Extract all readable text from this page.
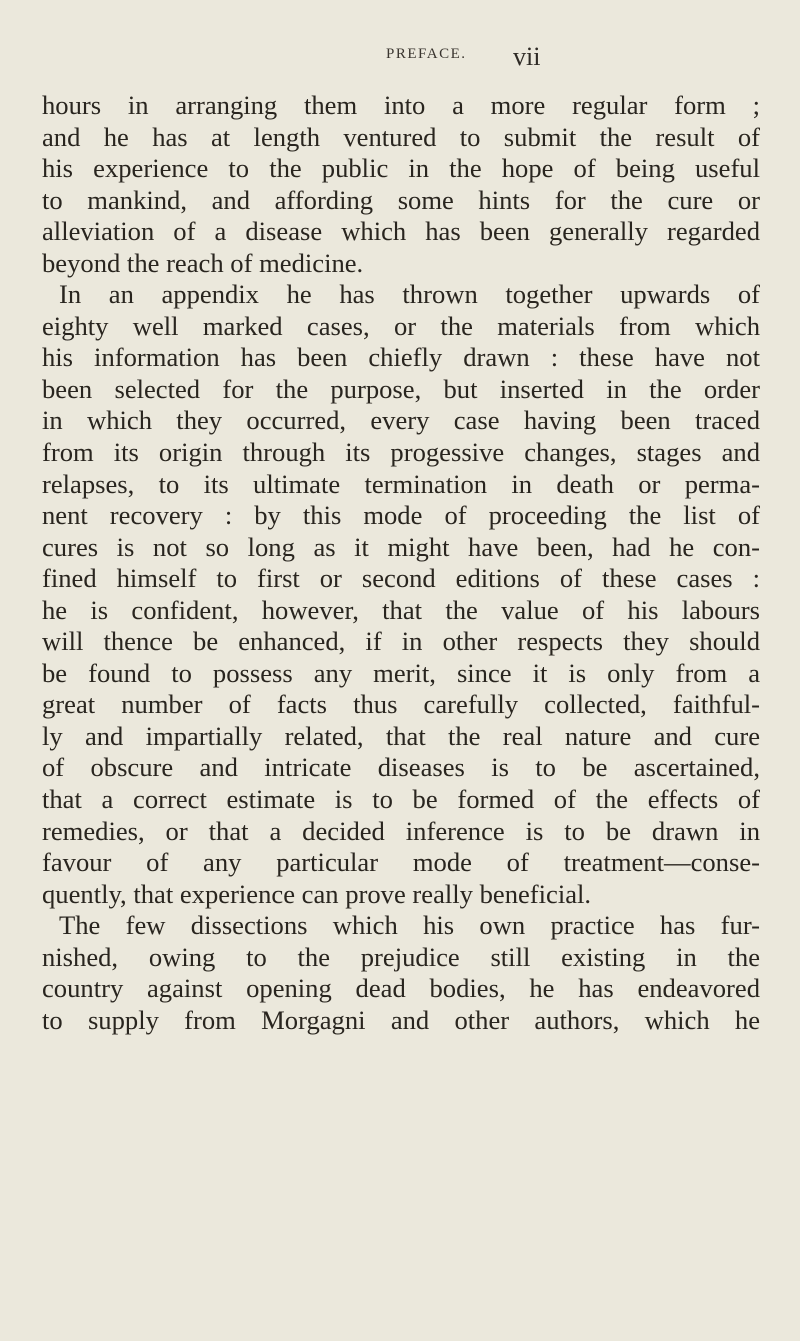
PREFACE. vii
hours in arranging them into a more regular form ;
and he has at length ventured to submit the result of
his experience to the public in the hope of being useful
to mankind, and affording some hints for the cure or
alleviation of a disease which has been generally regarded
beyond the reach of medicine.
In an appendix he has thrown together upwards of
eighty well marked cases, or the materials from which
his information has been chiefly drawn : these have not
been selected for the purpose, but inserted in the order
in which they occurred, every case having been traced
from its origin through its progessive changes, stages and
relapses, to its ultimate termination in death or perma-
nent recovery : by this mode of proceeding the list of
cures is not so long as it might have been, had he con-
fined himself to first or second editions of these cases :
he is confident, however, that the value of his labours
will thence be enhanced, if in other respects they should
be found to possess any merit, since it is only from a
great number of facts thus carefully collected, faithful-
ly and impartially related, that the real nature and cure
of obscure and intricate diseases is to be ascertained,
that a correct estimate is to be formed of the effects of
remedies, or that a decided inference is to be drawn in
favour of any particular mode of treatment—conse-
quently, that experience can prove really beneficial.
The few dissections which his own practice has fur-
nished, owing to the prejudice still existing in the
country against opening dead bodies, he has endeavored
to supply from Morgagni and other authors, which he
